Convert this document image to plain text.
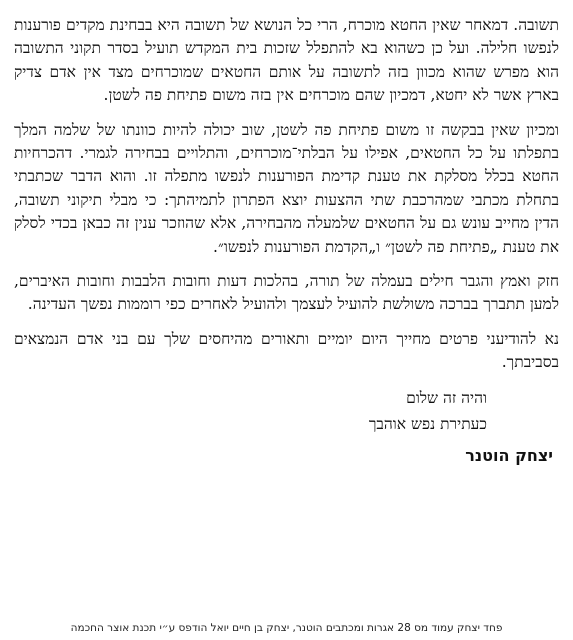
תשובה. דמאחר שאין החטא מוכרח, הרי כל הנושא של תשובה היא בבחינת מקדים פורענות לנפשו חלילה. ועל כן כשהוא בא להתפלל שזכות בית המקדש תועיל בסדר תקוני התשובה הוא מפרש שהוא מכוון בזה לתשובה על אותם החטאים שמוכרחים מצד אין אדם צדיק בארץ אשר לא יחטא, דמכיון שהם מוכרחים אין בזה משום פתיחת פה לשטן.

ומכיון שאין בבקשה זו משום פתיחת פה לשטן, שוב יכולה להיות כוונתו של שלמה המלך בתפלתו על כל החטאים, אפילו על הבלתי־מוכרחים, והתלויים בבחירה לגמרי. דהכרחיות החטא בכלל מסלקת את טענת קדימת הפורענות לנפשו מתפלה זו. והוא הדבר שכתבתי בתחלת מכתבי שמהרכבת שתי ההצעות יוצא הפתרון לתמיהתך: כי מבלי תיקוני תשובה, הדין מחייב עונש גם על החטאים שלמעלה מהבחירה, אלא שהוזכר ענין זה כבאן בכדי לסלק את טענת „פתיחת פה לשטן״ ו„הקדמת הפורענות לנפשו״.

חזק ואמץ והגבר חילים בעמלה של תורה, בהלכות דעות וחובות הלבבות וחובות האיברים, למען תתברך בברכה משולשת להועיל לעצמך ולהועיל לאחרים כפי רוממות נפשך העדינה.

נא להודיעני פרטים מחייך היום יומיים ותאורים מהיחסים שלך עם בני אדם הנמצאים בסביבתך.

והיה זה שלום
כעתירת נפש אוהבך
יצחק הוטנר
פחד יצחק עמוד מס 28 אגרות ומכתבים הוטנר, יצחק בן חיים יואל הודפס ע״י תכנת אוצר החכמה
